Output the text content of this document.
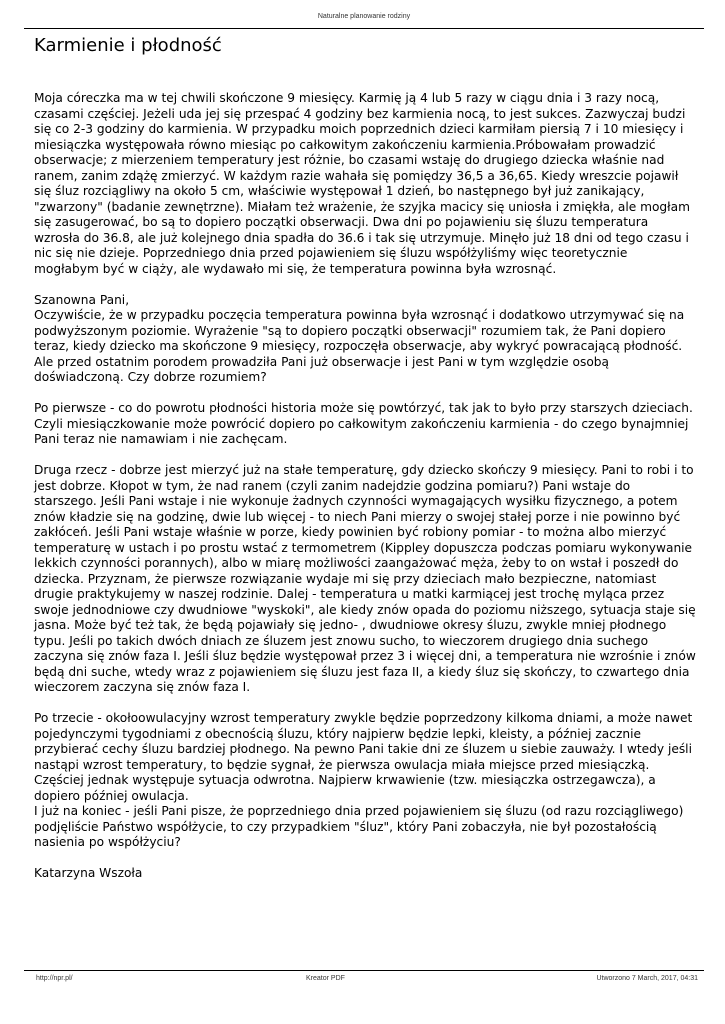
Naturalne planowanie rodziny
Karmienie i płodność

Moja córeczka ma w tej chwili skończone 9 miesięcy. Karmię ją 4 lub 5 razy w ciągu dnia i 3 razy nocą, czasami częściej. Jeżeli uda jej się przespać 4 godziny bez karmienia nocą, to jest sukces. Zazwyczaj budzi się co 2-3 godziny do karmienia. W przypadku moich poprzednich dzieci karmiłam piersią 7 i 10 miesięcy i miesiączka występowała równo miesiąc po całkowitym zakończeniu karmienia.Próbowałam prowadzić obserwacje; z mierzeniem temperatury jest różnie, bo czasami wstaję do drugiego dziecka właśnie nad ranem, zanim zdążę zmierzyć. W każdym razie wahała się pomiędzy 36,5 a 36,65. Kiedy wreszcie pojawił się śluz rozciągliwy na około 5 cm, właściwie występował 1 dzień, bo następnego był już zanikający, "zwarzony" (badanie zewnętrzne). Miałam też wrażenie, że szyjka macicy się uniosła i zmiękła, ale mogłam się zasugerować, bo są to dopiero początki obserwacji. Dwa dni po pojawieniu się śluzu temperatura wzrosła do 36.8, ale już kolejnego dnia spadła do 36.6 i tak się utrzymuje. Minęło już 18 dni od tego czasu i nic się nie dzieje. Poprzedniego dnia przed pojawieniem się śluzu współżyliśmy więc teoretycznie mogłabym być w ciąży, ale wydawało mi się, że temperatura powinna była wzrosnąć.

Szanowna Pani,
Oczywiście, że w przypadku poczęcia temperatura powinna była wzrosnąć i dodatkowo utrzymywać się na podwyższonym poziomie. Wyrażenie "są to dopiero początki obserwacji" rozumiem tak, że Pani dopiero teraz, kiedy dziecko ma skończone 9 miesięcy, rozpoczęła obserwacje, aby wykryć powracającą płodność. Ale przed ostatnim porodem prowadziła Pani już obserwacje i jest Pani w tym względzie osobą doświadczoną. Czy dobrze rozumiem?

Po pierwsze - co do powrotu płodności historia może się powtórzyć, tak jak to było przy starszych dzieciach. Czyli miesiączkowanie może powrócić dopiero po całkowitym zakończeniu karmienia - do czego bynajmniej Pani teraz nie namawiam i nie zachęcam.

Druga rzecz - dobrze jest mierzyć już na stałe temperaturę, gdy dziecko skończy 9 miesięcy. Pani to robi i to jest dobrze. Kłopot w tym, że nad ranem (czyli zanim nadejdzie godzina pomiaru?) Pani wstaje do starszego. Jeśli Pani wstaje i nie wykonuje żadnych czynności wymagających wysiłku fizycznego, a potem znów kładzie się na godzinę, dwie lub więcej - to niech Pani mierzy o swojej stałej porze i nie powinno być zakłóceń. Jeśli Pani wstaje właśnie w porze, kiedy powinien być robiony pomiar - to można albo mierzyć temperaturę w ustach i po prostu wstać z termometrem (Kippley dopuszcza podczas pomiaru wykonywanie lekkich czynności porannych), albo w miarę możliwości zaangażować męża, żeby to on wstał i poszedł do dziecka. Przyznam, że pierwsze rozwiązanie wydaje mi się przy dzieciach mało bezpieczne, natomiast drugie praktykujemy w naszej rodzinie. Dalej - temperatura u matki karmiącej jest trochę myląca przez swoje jednodniowe czy dwudniowe "wyskoki", ale kiedy znów opada do poziomu niższego, sytuacja staje się jasna. Może być też tak, że będą pojawiały się jedno- , dwudniowe okresy śluzu, zwykle mniej płodnego typu. Jeśli po takich dwóch dniach ze śluzem jest znowu sucho, to wieczorem drugiego dnia suchego zaczyna się znów faza I. Jeśli śluz będzie występował przez 3 i więcej dni, a temperatura nie wzrośnie i znów będą dni suche, wtedy wraz z pojawieniem się śluzu jest faza II, a kiedy śluz się skończy, to czwartego dnia wieczorem zaczyna się znów faza I.

Po trzecie - okołoowulacyjny wzrost temperatury zwykle będzie poprzedzony kilkoma dniami, a może nawet pojedynczymi tygodniami z obecnością śluzu, który najpierw będzie lepki, kleisty, a później zacznie przybierać cechy śluzu bardziej płodnego. Na pewno Pani takie dni ze śluzem u siebie zauważy. I wtedy jeśli nastąpi wzrost temperatury, to będzie sygnał, że pierwsza owulacja miała miejsce przed miesiączką. Częściej jednak występuje sytuacja odwrotna. Najpierw krwawienie (tzw. miesiączka ostrzegawcza), a dopiero później owulacja.
I już na koniec - jeśli Pani pisze, że poprzedniego dnia przed pojawieniem się śluzu (od razu rozciągliwego) podjęliście Państwo współżycie, to czy przypadkiem "śluz", który Pani zobaczyła, nie był pozostałością nasienia po współżyciu?

Katarzyna Wszoła

http://npr.pl/	Kreator PDF	Utworzono 7 March, 2017, 04:31
